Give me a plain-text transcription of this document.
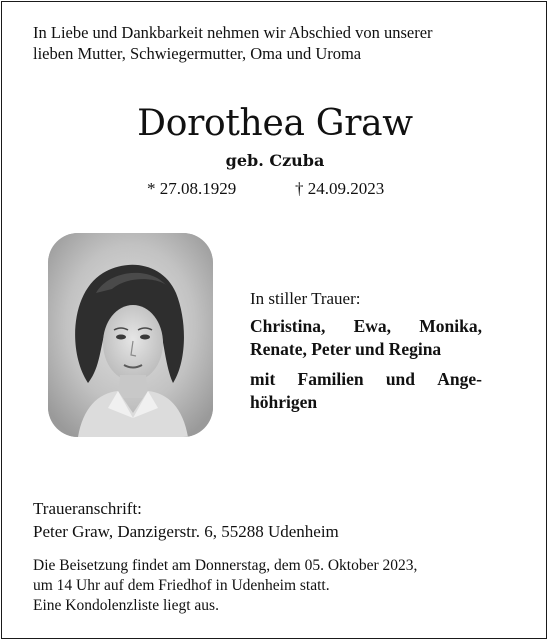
In Liebe und Dankbarkeit nehmen wir Abschied von unserer
lieben Mutter, Schwiegermutter, Oma und Uroma
Dorothea Graw
geb. Czuba
* 27.08.1929	† 24.09.2023
In stiller Trauer:
Christina, Ewa, Monika,
Renate, Peter und Regina
mit Familien und Ange-
höhrigen
Traueranschrift:
Peter Graw, Danzigerstr. 6, 55288 Udenheim
Die Beisetzung findet am Donnerstag, dem 05. Oktober 2023,
um 14 Uhr auf dem Friedhof in Udenheim statt.
Eine Kondolenzliste liegt aus.
